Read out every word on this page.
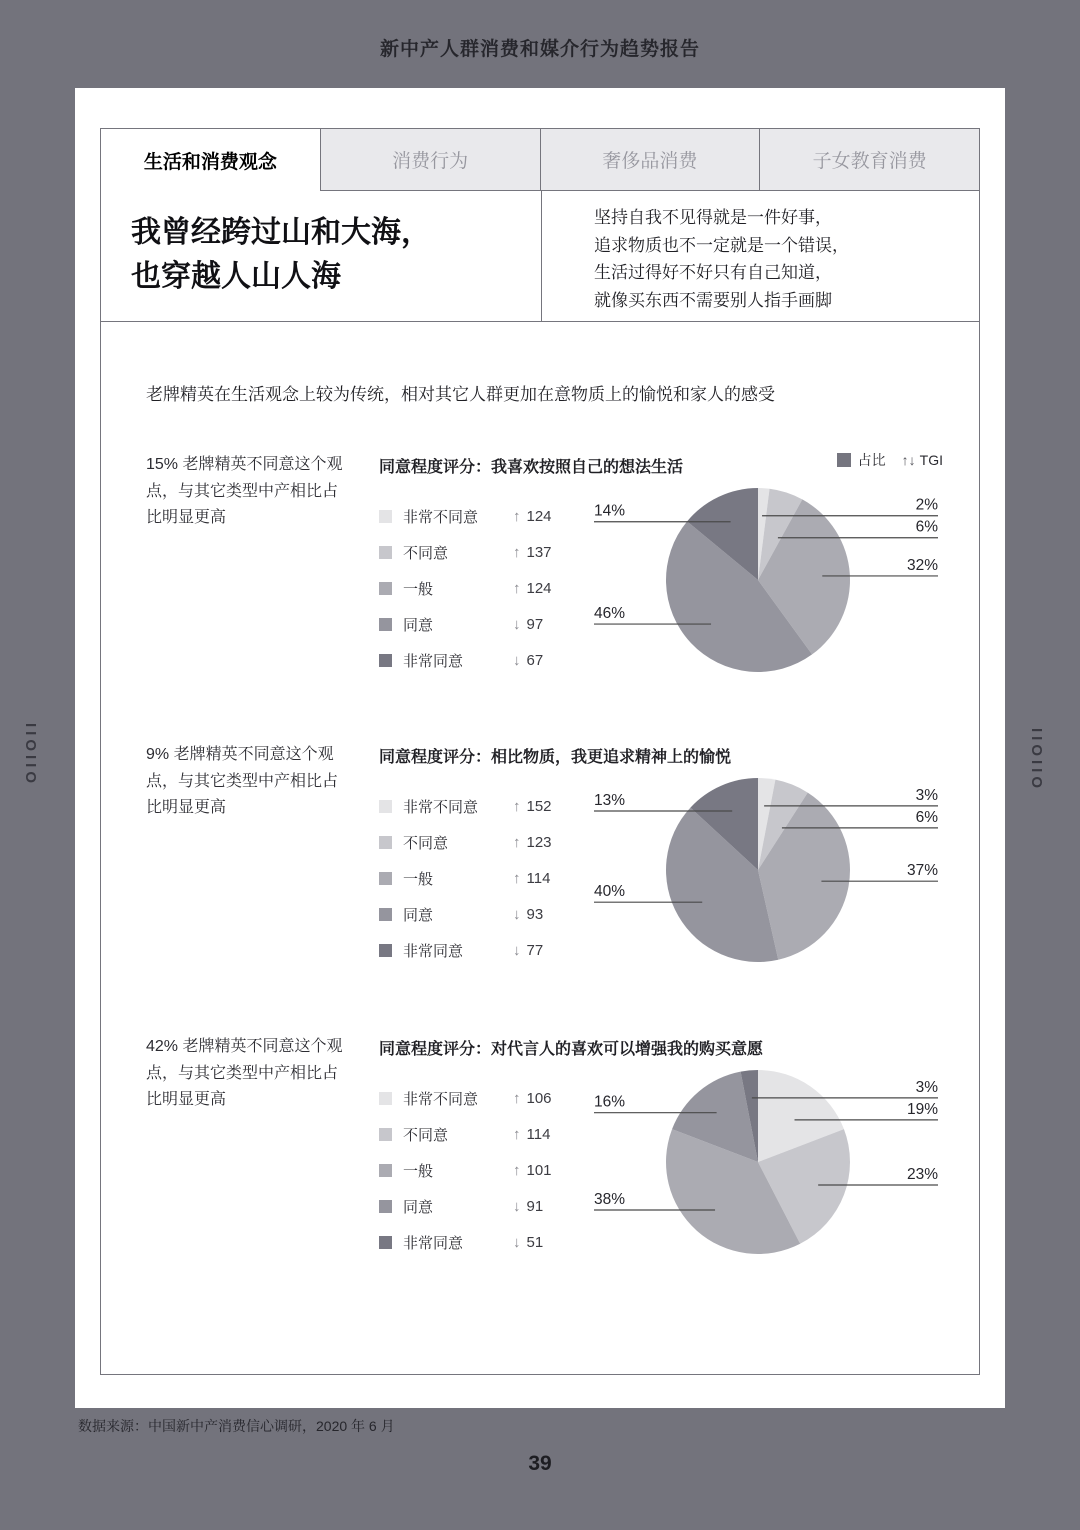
新中产人群消费和媒介行为趋势报告
IIOIIO	IIOIIO
生活和消费观念	消费行为	奢侈品消费	子女教育消费
我曾经跨过山和大海，
也穿越人山人海
坚持自我不见得就是一件好事，
追求物质也不一定就是一个错误，
生活过得好不好只有自己知道，
就像买东西不需要别人指手画脚
老牌精英在生活观念上较为传统，相对其它人群更加在意物质上的愉悦和家人的感受
占比 ↑↓ TGI
15% 老牌精英不同意这个观点，与其它类型中产相比占比明显更高
同意程度评分：我喜欢按照自己的想法生活
非常不同意	↑ 124
不同意	↑ 137
一般	↑ 124
同意	↓ 97
非常同意	↓ 67
14%
46%
2%
6%
32%
9% 老牌精英不同意这个观点，与其它类型中产相比占比明显更高
同意程度评分：相比物质，我更追求精神上的愉悦
非常不同意	↑ 152
不同意	↑ 123
一般	↑ 114
同意	↓ 93
非常同意	↓ 77
13%
40%
3%
6%
37%
42% 老牌精英不同意这个观点，与其它类型中产相比占比明显更高
同意程度评分：对代言人的喜欢可以增强我的购买意愿
非常不同意	↑ 106
不同意	↑ 114
一般	↑ 101
同意	↓ 91
非常同意	↓ 51
16%
38%
3%
19%
23%
数据来源：中国新中产消费信心调研，2020 年 6 月
39
